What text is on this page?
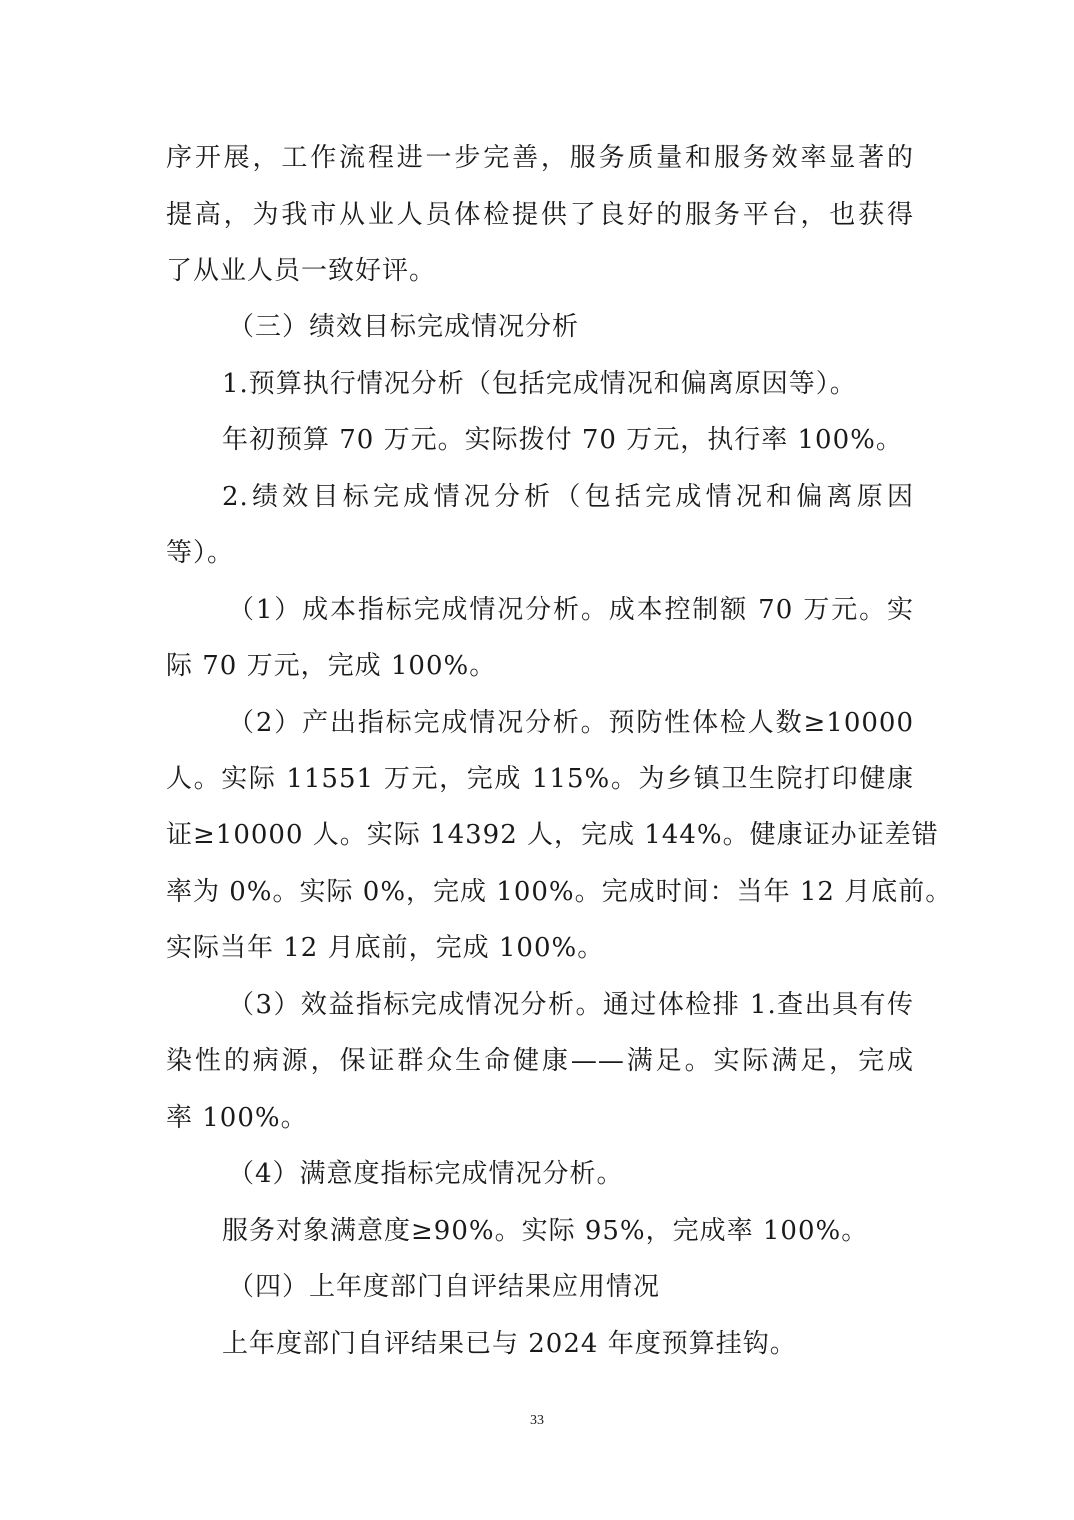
序开展，工作流程进一步完善，服务质量和服务效率显著的
提高，为我市从业人员体检提供了良好的服务平台，也获得
了从业人员一致好评。
（三）绩效目标完成情况分析
1.预算执行情况分析（包括完成情况和偏离原因等）。
年初预算 70 万元。实际拨付 70 万元，执行率 100%。
2.绩效目标完成情况分析（包括完成情况和偏离原因
等）。
（1）成本指标完成情况分析。成本控制额 70 万元。实
际 70 万元，完成 100%。
（2）产出指标完成情况分析。预防性体检人数≥10000
人。实际 11551 万元，完成 115%。为乡镇卫生院打印健康
证≥10000 人。实际 14392 人，完成 144%。健康证办证差错
率为 0%。实际 0%，完成 100%。完成时间：当年 12 月底前。
实际当年 12 月底前，完成 100%。
（3）效益指标完成情况分析。通过体检排 1.查出具有传
染性的病源，保证群众生命健康——满足。实际满足，完成
率 100%。
（4）满意度指标完成情况分析。
服务对象满意度≥90%。实际 95%，完成率 100%。
（四）上年度部门自评结果应用情况
上年度部门自评结果已与 2024 年度预算挂钩。
33
